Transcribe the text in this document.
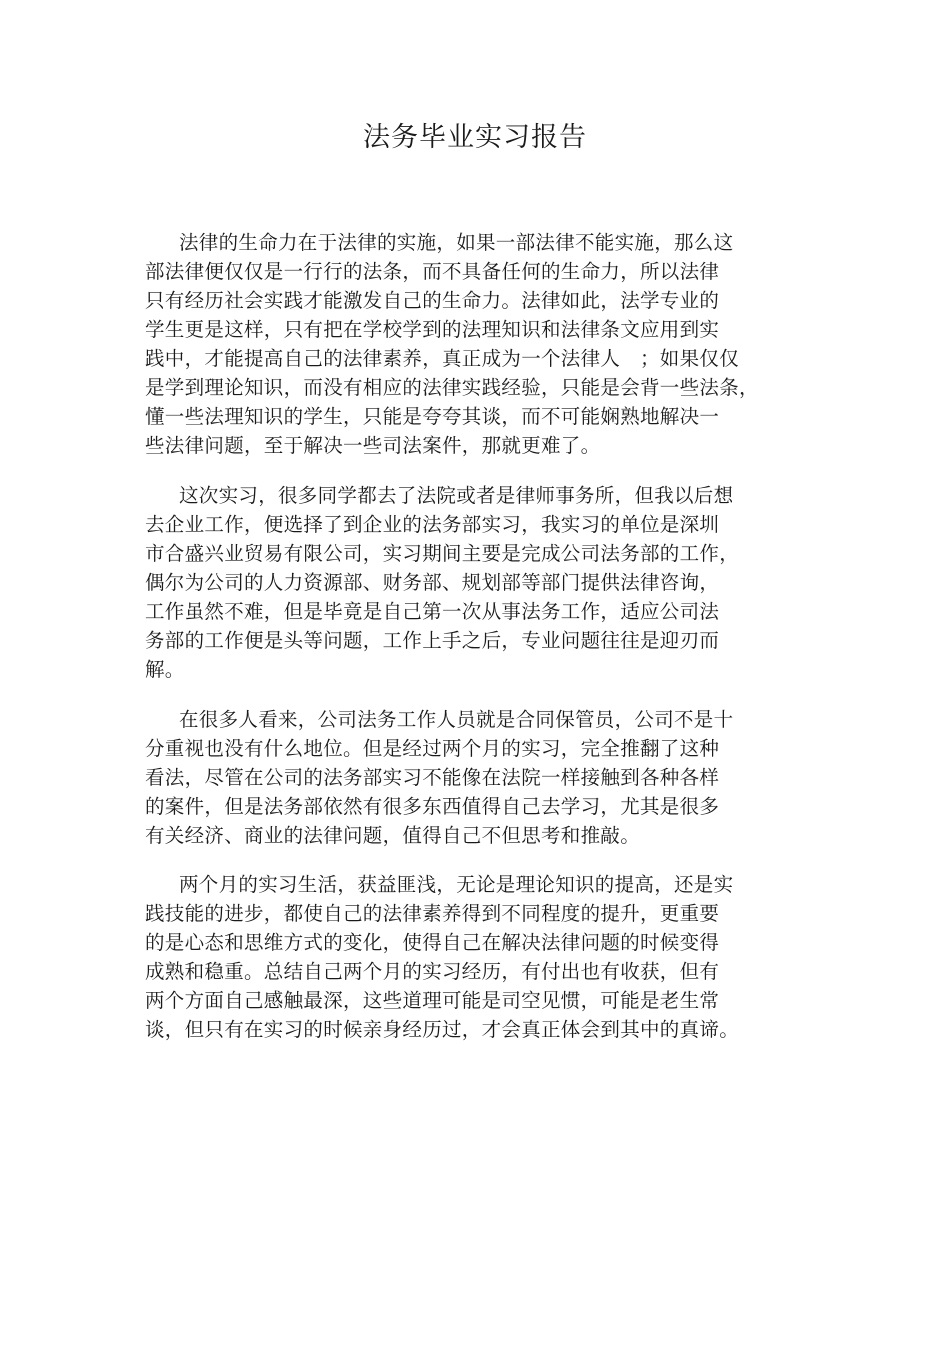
法务毕业实习报告
法律的生命力在于法律的实施，如果一部法律不能实施，那么这
部法律便仅仅是一行行的法条，而不具备任何的生命力，所以法律
只有经历社会实践才能激发自己的生命力。法律如此，法学专业的
学生更是这样，只有把在学校学到的法理知识和法律条文应用到实
践中，才能提高自己的法律素养，真正成为一个法律人　；如果仅仅
是学到理论知识，而没有相应的法律实践经验，只能是会背一些法条，
懂一些法理知识的学生，只能是夸夸其谈，而不可能娴熟地解决一
些法律问题，至于解决一些司法案件，那就更难了。
这次实习，很多同学都去了法院或者是律师事务所，但我以后想
去企业工作，便选择了到企业的法务部实习，我实习的单位是深圳
市合盛兴业贸易有限公司，实习期间主要是完成公司法务部的工作，
偶尔为公司的人力资源部、财务部、规划部等部门提供法律咨询，
工作虽然不难，但是毕竟是自己第一次从事法务工作，适应公司法
务部的工作便是头等问题，工作上手之后，专业问题往往是迎刃而
解。
在很多人看来，公司法务工作人员就是合同保管员，公司不是十
分重视也没有什么地位。但是经过两个月的实习，完全推翻了这种
看法，尽管在公司的法务部实习不能像在法院一样接触到各种各样
的案件，但是法务部依然有很多东西值得自己去学习，尤其是很多
有关经济、商业的法律问题，值得自己不但思考和推敲。
两个月的实习生活，获益匪浅，无论是理论知识的提高，还是实
践技能的进步，都使自己的法律素养得到不同程度的提升，更重要
的是心态和思维方式的变化，使得自己在解决法律问题的时候变得
成熟和稳重。总结自己两个月的实习经历，有付出也有收获，但有
两个方面自己感触最深，这些道理可能是司空见惯，可能是老生常
谈，但只有在实习的时候亲身经历过，才会真正体会到其中的真谛。
